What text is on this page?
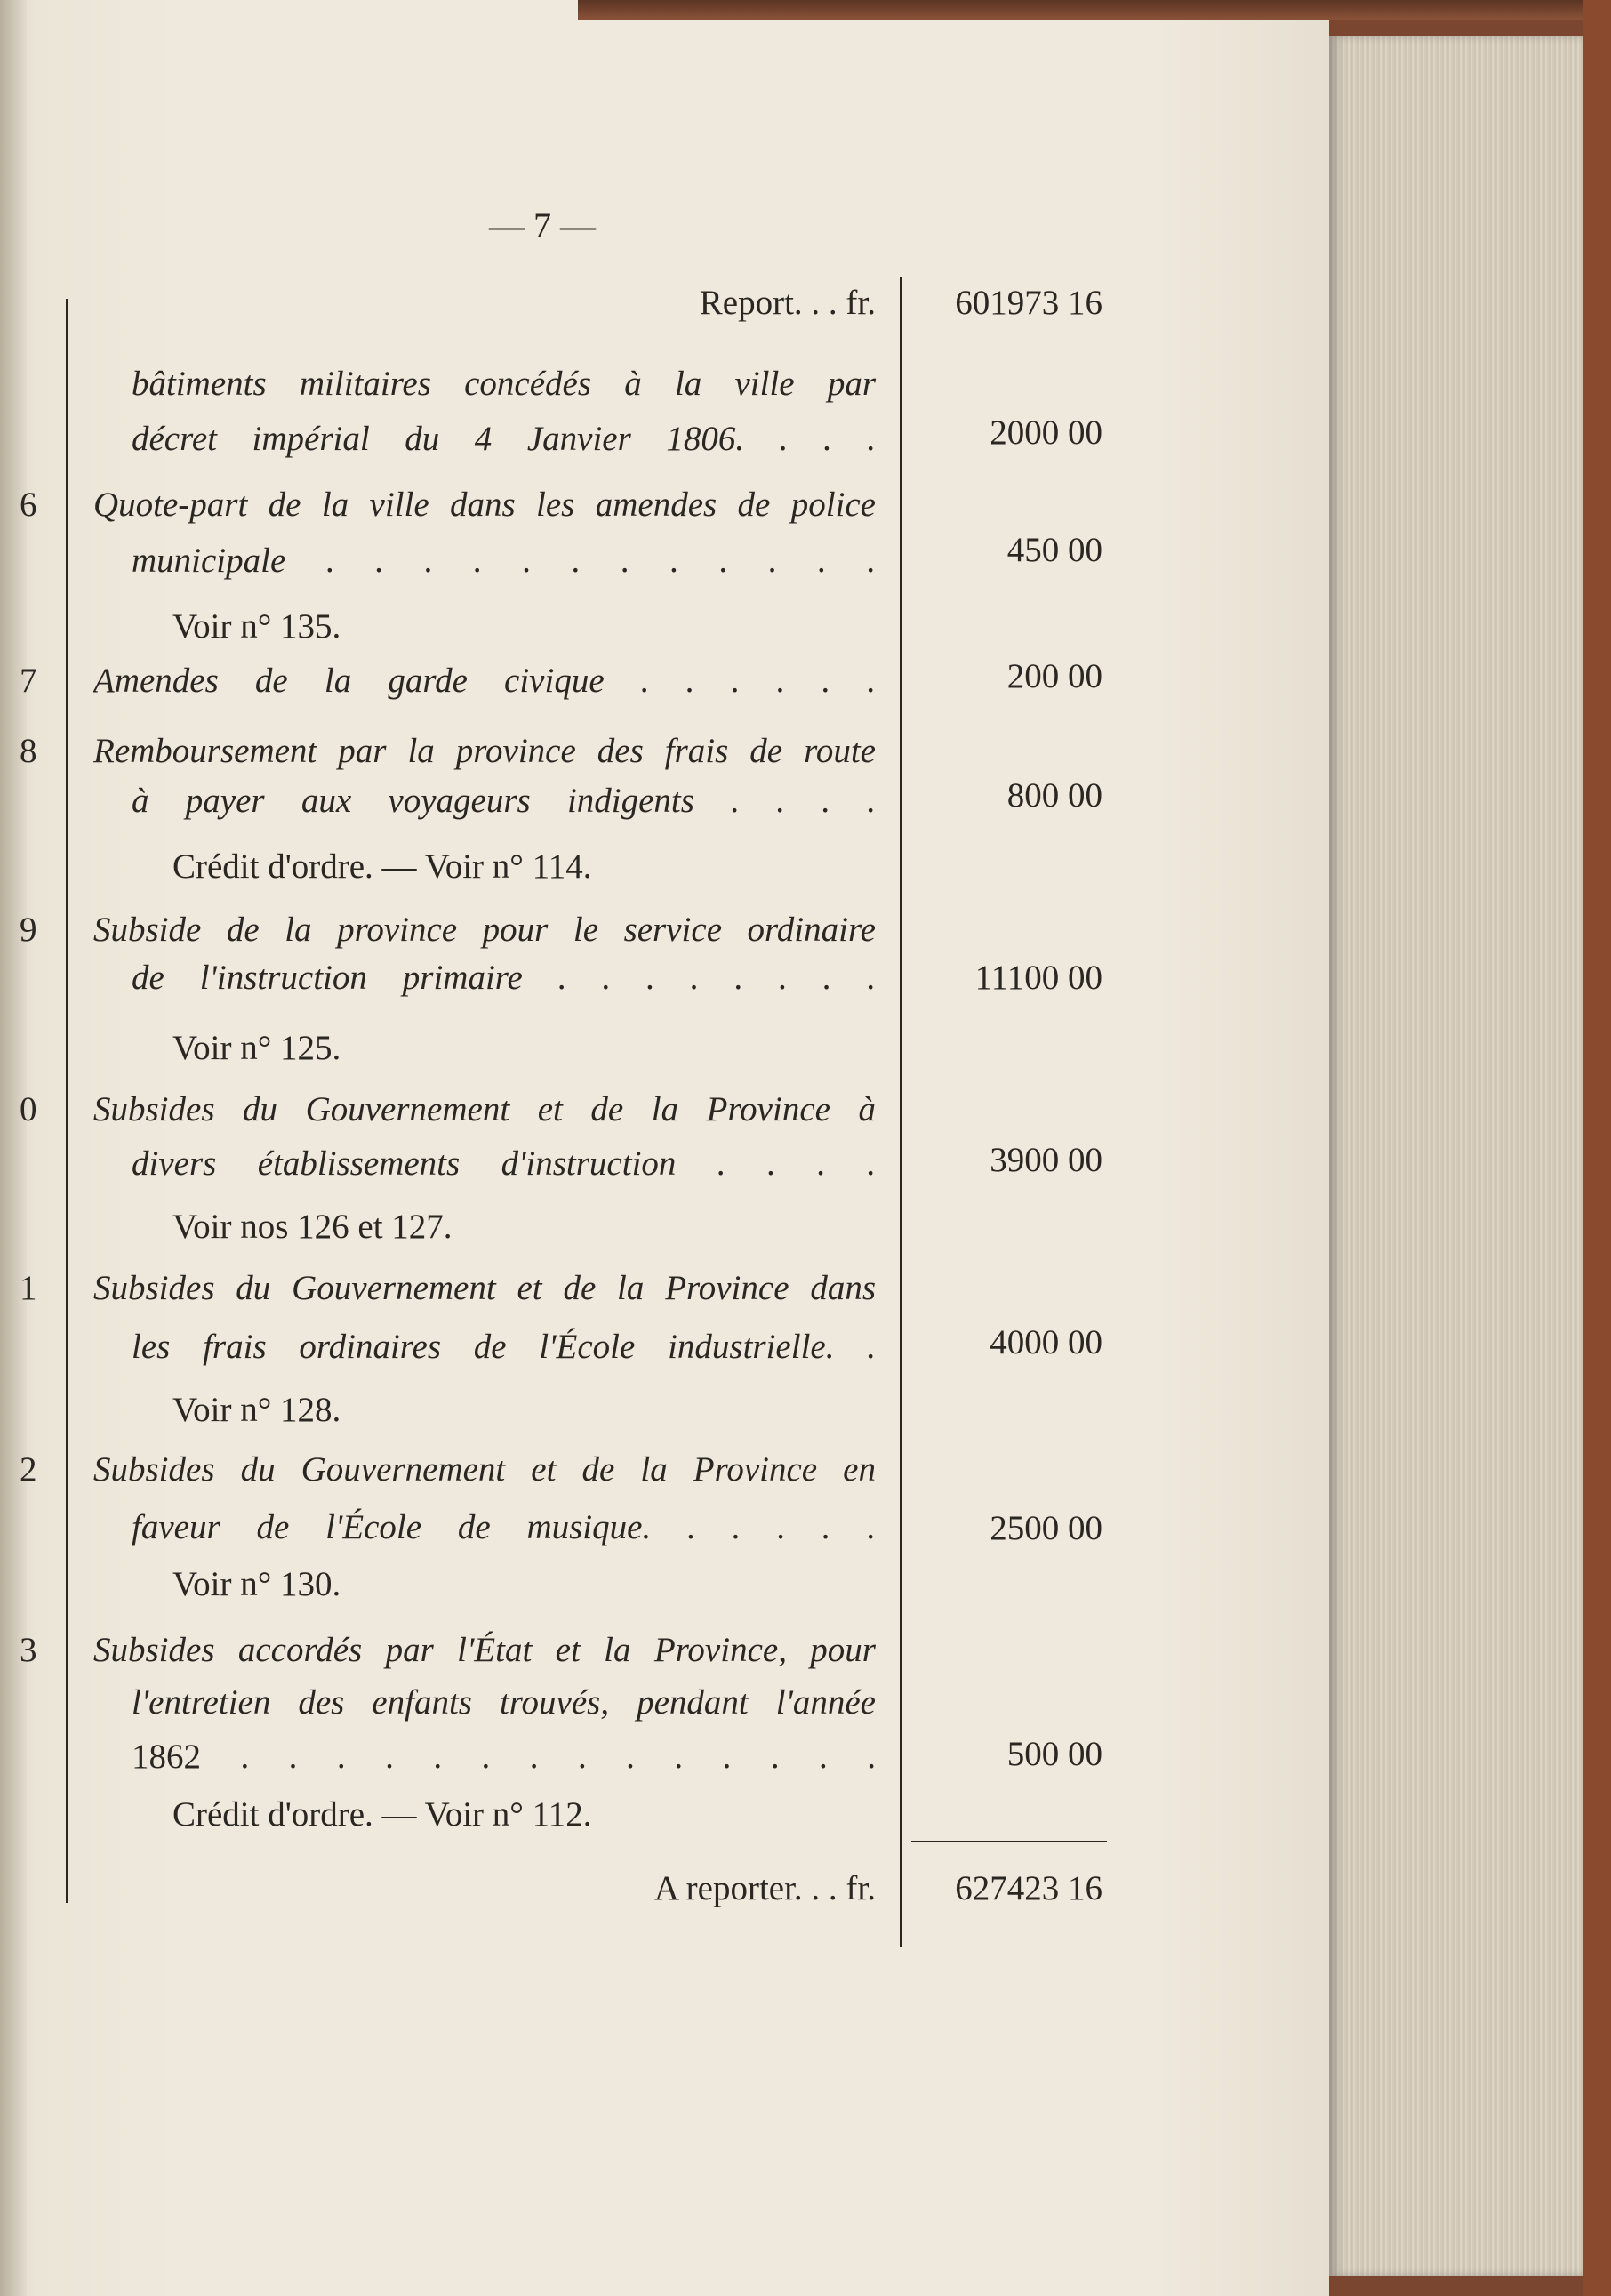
— 7 —
Report. . . fr. 601973 16
bâtiments militaires concédés à la ville par
décret impérial du 4 Janvier 1806. . . .
Quote-part de la ville dans les amendes de police
municipale . . . . . . . . . . . .
Voir n° 135.
Amendes de la garde civique . . . . . .
Remboursement par la province des frais de route
à payer aux voyageurs indigents . . . .
Crédit d'ordre. — Voir n° 114.
Subside de la province pour le service ordinaire
de l'instruction primaire . . . . . . . .
Voir n° 125.
Subsides du Gouvernement et de la Province à
divers établissements d'instruction . . . .
Voir nos 126 et 127.
Subsides du Gouvernement et de la Province dans
les frais ordinaires de l'École industrielle. .
Voir n° 128.
Subsides du Gouvernement et de la Province en
faveur de l'École de musique. . . . . .
Voir n° 130.
Subsides accordés par l'État et la Province, pour
l'entretien des enfants trouvés, pendant l'année
1862 . . . . . . . . . . . . . .
Crédit d'ordre. — Voir n° 112.
2000 00
450 00
200 00
800 00
11100 00
3900 00
4000 00
2500 00
500 00
6
7
8
9
0
1
2
3
A reporter. . . fr. 627423 16
